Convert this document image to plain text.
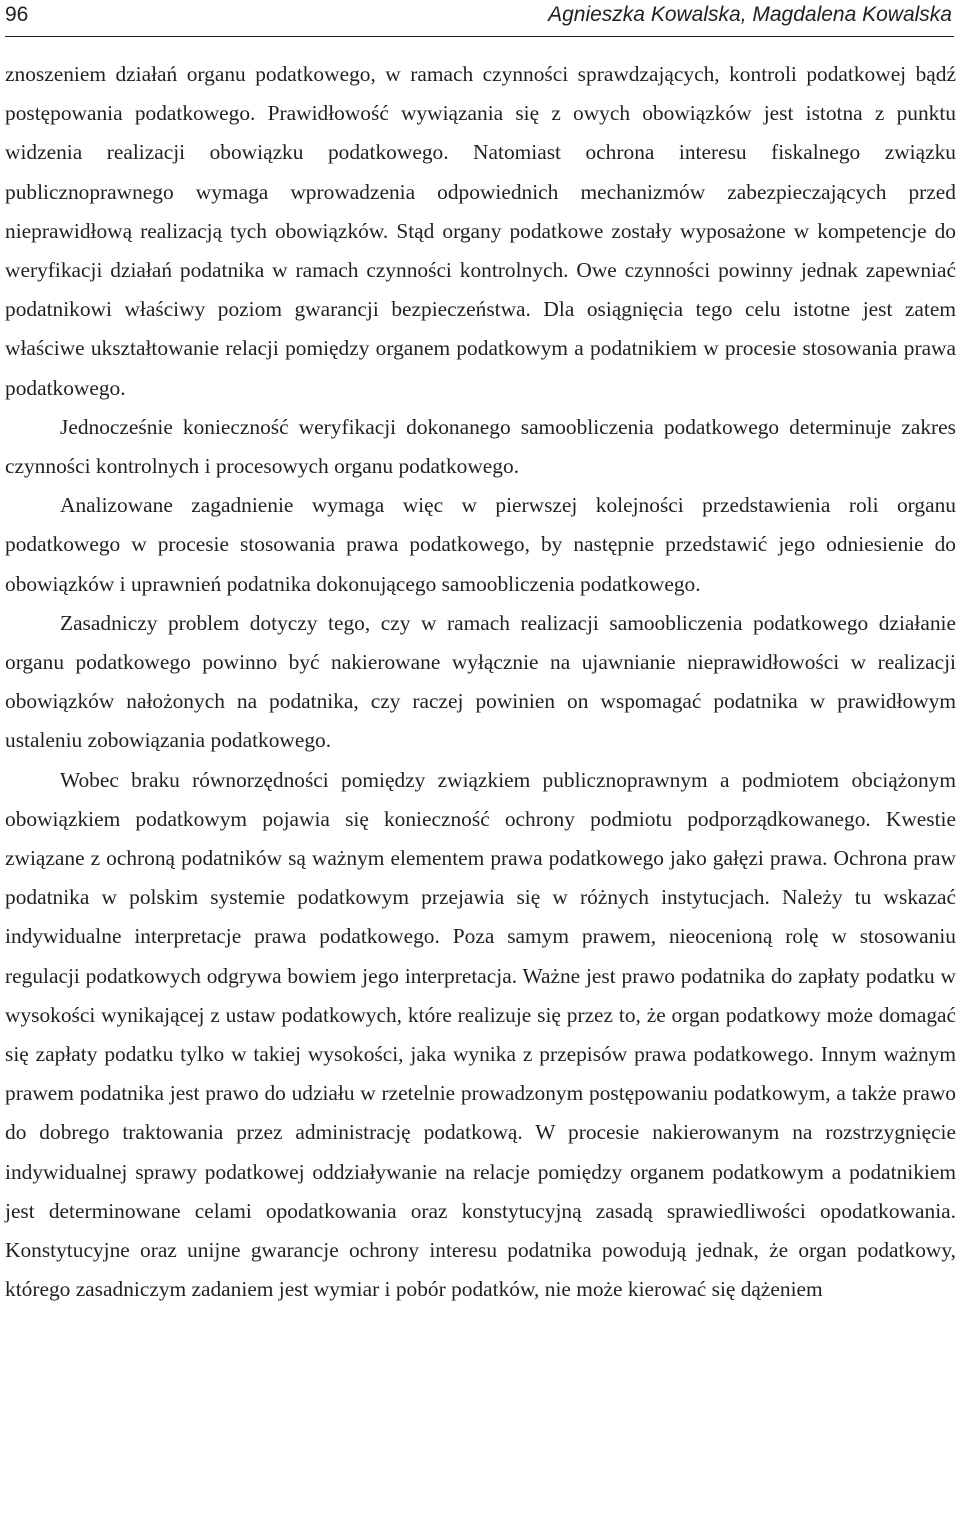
96	Agnieszka Kowalska, Magdalena Kowalska

znoszeniem działań organu podatkowego, w ramach czynności sprawdzających, kontroli podatkowej bądź postępowania podatkowego. Prawidłowość wywiązania się z owych obowiązków jest istotna z punktu widzenia realizacji obowiązku podatkowego. Natomiast ochrona interesu fiskalnego związku publicznoprawnego wymaga wprowadzenia odpowiednich mechanizmów zabezpieczających przed nieprawidłową realizacją tych obowiązków. Stąd organy podatkowe zostały wyposażone w kompetencje do weryfikacji działań podatnika w ramach czynności kontrolnych. Owe czynności powinny jednak zapewniać podatnikowi właściwy poziom gwarancji bezpieczeństwa. Dla osiągnięcia tego celu istotne jest zatem właściwe ukształtowanie relacji pomiędzy organem podatkowym a podatnikiem w procesie stosowania prawa podatkowego.

Jednocześnie konieczność weryfikacji dokonanego samoobliczenia podatkowego determinuje zakres czynności kontrolnych i procesowych organu podatkowego.

Analizowane zagadnienie wymaga więc w pierwszej kolejności przedstawienia roli organu podatkowego w procesie stosowania prawa podatkowego, by następnie przedstawić jego odniesienie do obowiązków i uprawnień podatnika dokonującego samoobliczenia podatkowego.

Zasadniczy problem dotyczy tego, czy w ramach realizacji samoobliczenia podatkowego działanie organu podatkowego powinno być nakierowane wyłącznie na ujawnianie nieprawidłowości w realizacji obowiązków nałożonych na podatnika, czy raczej powinien on wspomagać podatnika w prawidłowym ustaleniu zobowiązania podatkowego.

Wobec braku równorzędności pomiędzy związkiem publicznoprawnym a podmiotem obciążonym obowiązkiem podatkowym pojawia się konieczność ochrony podmiotu podporządkowanego. Kwestie związane z ochroną podatników są ważnym elementem prawa podatkowego jako gałęzi prawa. Ochrona praw podatnika w polskim systemie podatkowym przejawia się w różnych instytucjach. Należy tu wskazać indywidualne interpretacje prawa podatkowego. Poza samym prawem, nieocenioną rolę w stosowaniu regulacji podatkowych odgrywa bowiem jego interpretacja. Ważne jest prawo podatnika do zapłaty podatku w wysokości wynikającej z ustaw podatkowych, które realizuje się przez to, że organ podatkowy może domagać się zapłaty podatku tylko w takiej wysokości, jaka wynika z przepisów prawa podatkowego. Innym ważnym prawem podatnika jest prawo do udziału w rzetelnie prowadzonym postępowaniu podatkowym, a także prawo do dobrego traktowania przez administrację podatkową. W procesie nakierowanym na rozstrzygnięcie indywidualnej sprawy podatkowej oddziaływanie na relacje pomiędzy organem podatkowym a podatnikiem jest determinowane celami opodatkowania oraz konstytucyjną zasadą sprawiedliwości opodatkowania. Konstytucyjne oraz unijne gwarancje ochrony interesu podatnika powodują jednak, że organ podatkowy, którego zasadniczym zadaniem jest wymiar i pobór podatków, nie może kierować się dążeniem
